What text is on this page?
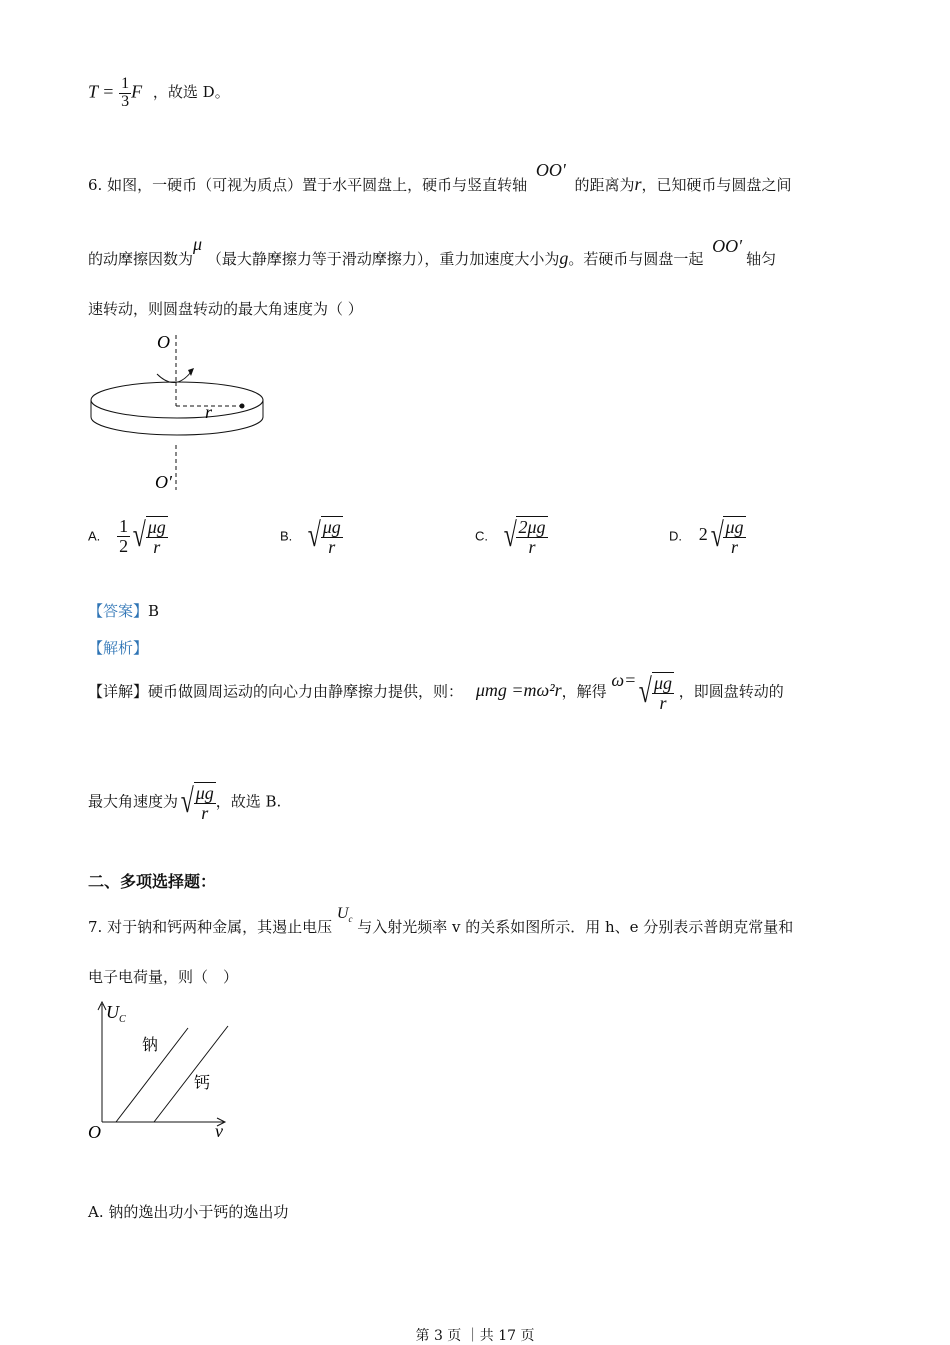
$T = \frac{1}{3}$ F ，故选 D。
6. 如图，一硬币（可视为质点）置于水平圆盘上，硬币与竖直转轴 OO' 的距离为r，已知硬币与圆盘之间
的动摩擦因数为μ （最大静摩擦力等于滑动摩擦力），重力加速度大小为g。若硬币与圆盘一起 OO′轴匀
速转动，则圆盘转动的最大角速度为（ ）
O
O′
r
A. $\frac{1}{2}$ √ $\frac{\mu g}{r}$	B. √ $\frac{\mu g}{r}$	C. √ $\frac{2\mu g}{r}$	D. 2 √ $\frac{\mu g}{r}$
【答案】B
【解析】
【详解】硬币做圆周运动的向心力由静摩擦力提供，则： μmg =mω²r，解得 ω= √ $\frac{\mu g}{r}$ ，即圆盘转动的
最大角速度为 √ $\frac{\mu g}{r}$ ，故选 B.
二、多项选择题：
7. 对于钠和钙两种金属，其遏止电压 $U_c$ 与入射光频率 v 的关系如图所示．用 h、e 分别表示普朗克常量和
电子电荷量，则（　）
$U_C$
v
O
钠
钙
A. 钠的逸出功小于钙的逸出功
第 3 页 ｜共 17 页
